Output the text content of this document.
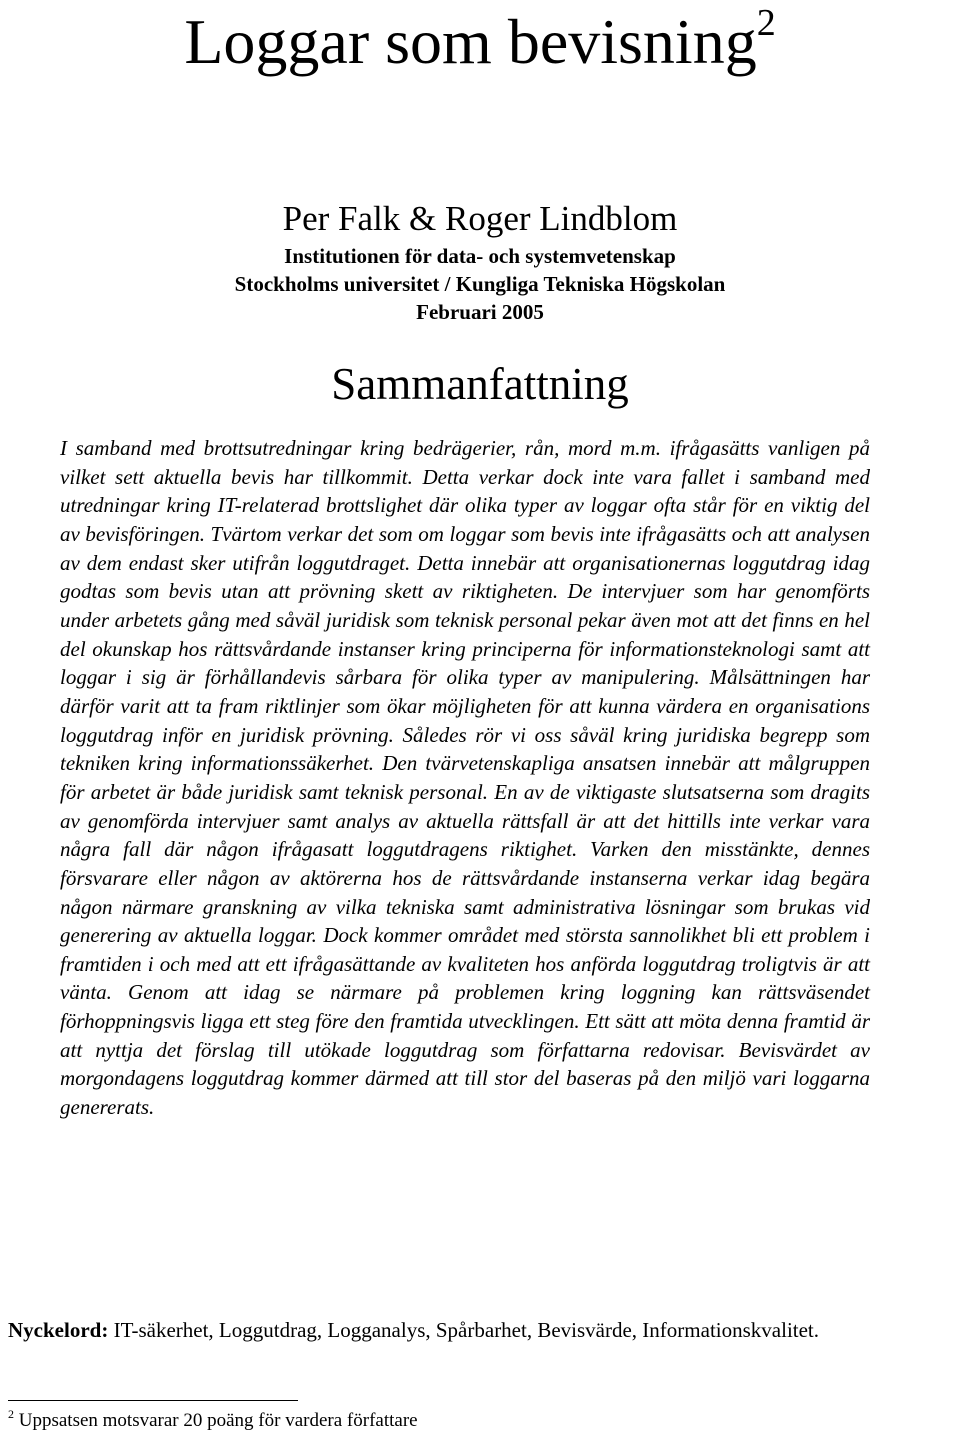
Loggar som bevisning$^2$
Per Falk & Roger Lindblom
Institutionen för data- och systemvetenskap
Stockholms universitet / Kungliga Tekniska Högskolan
Februari 2005
Sammanfattning

I samband med brottsutredningar kring bedrägerier, rån, mord m.m. ifrågasätts vanligen på vilket sett aktuella bevis har tillkommit. Detta verkar dock inte vara fallet i samband med utredningar kring IT-relaterad brottslighet där olika typer av loggar ofta står för en viktig del av bevisföringen. Tvärtom verkar det som om loggar som bevis inte ifrågasätts och att analysen av dem endast sker utifrån loggutdraget. Detta innebär att organisationernas loggutdrag idag godtas som bevis utan att prövning skett av riktigheten. De intervjuer som har genomförts under arbetets gång med såväl juridisk som teknisk personal pekar även mot att det finns en hel del okunskap hos rättsvårdande instanser kring principerna för informationsteknologi samt att loggar i sig är förhållandevis sårbara för olika typer av manipulering. Målsättningen har därför varit att ta fram riktlinjer som ökar möjligheten för att kunna värdera en organisations loggutdrag inför en juridisk prövning. Således rör vi oss såväl kring juridiska begrepp som tekniken kring informationssäkerhet. Den tvärvetenskapliga ansatsen innebär att målgruppen för arbetet är både juridisk samt teknisk personal. En av de viktigaste slutsatserna som dragits av genomförda intervjuer samt analys av aktuella rättsfall är att det hittills inte verkar vara några fall där någon ifrågasatt loggutdragens riktighet. Varken den misstänkte, dennes försvarare eller någon av aktörerna hos de rättsvårdande instanserna verkar idag begära någon närmare granskning av vilka tekniska samt administrativa lösningar som brukas vid generering av aktuella loggar. Dock kommer området med största sannolikhet bli ett problem i framtiden i och med att ett ifrågasättande av kvaliteten hos anförda loggutdrag troligtvis är att vänta. Genom att idag se närmare på problemen kring loggning kan rättsväsendet förhoppningsvis ligga ett steg före den framtida utvecklingen. Ett sätt att möta denna framtid är att nyttja det förslag till utökade loggutdrag som författarna redovisar. Bevisvärdet av morgondagens loggutdrag kommer därmed att till stor del baseras på den miljö vari loggarna genererats.

Nyckelord: IT-säkerhet, Loggutdrag, Logganalys, Spårbarhet, Bevisvärde, Informationskvalitet.
$^2$ Uppsatsen motsvarar 20 poäng för vardera författare
